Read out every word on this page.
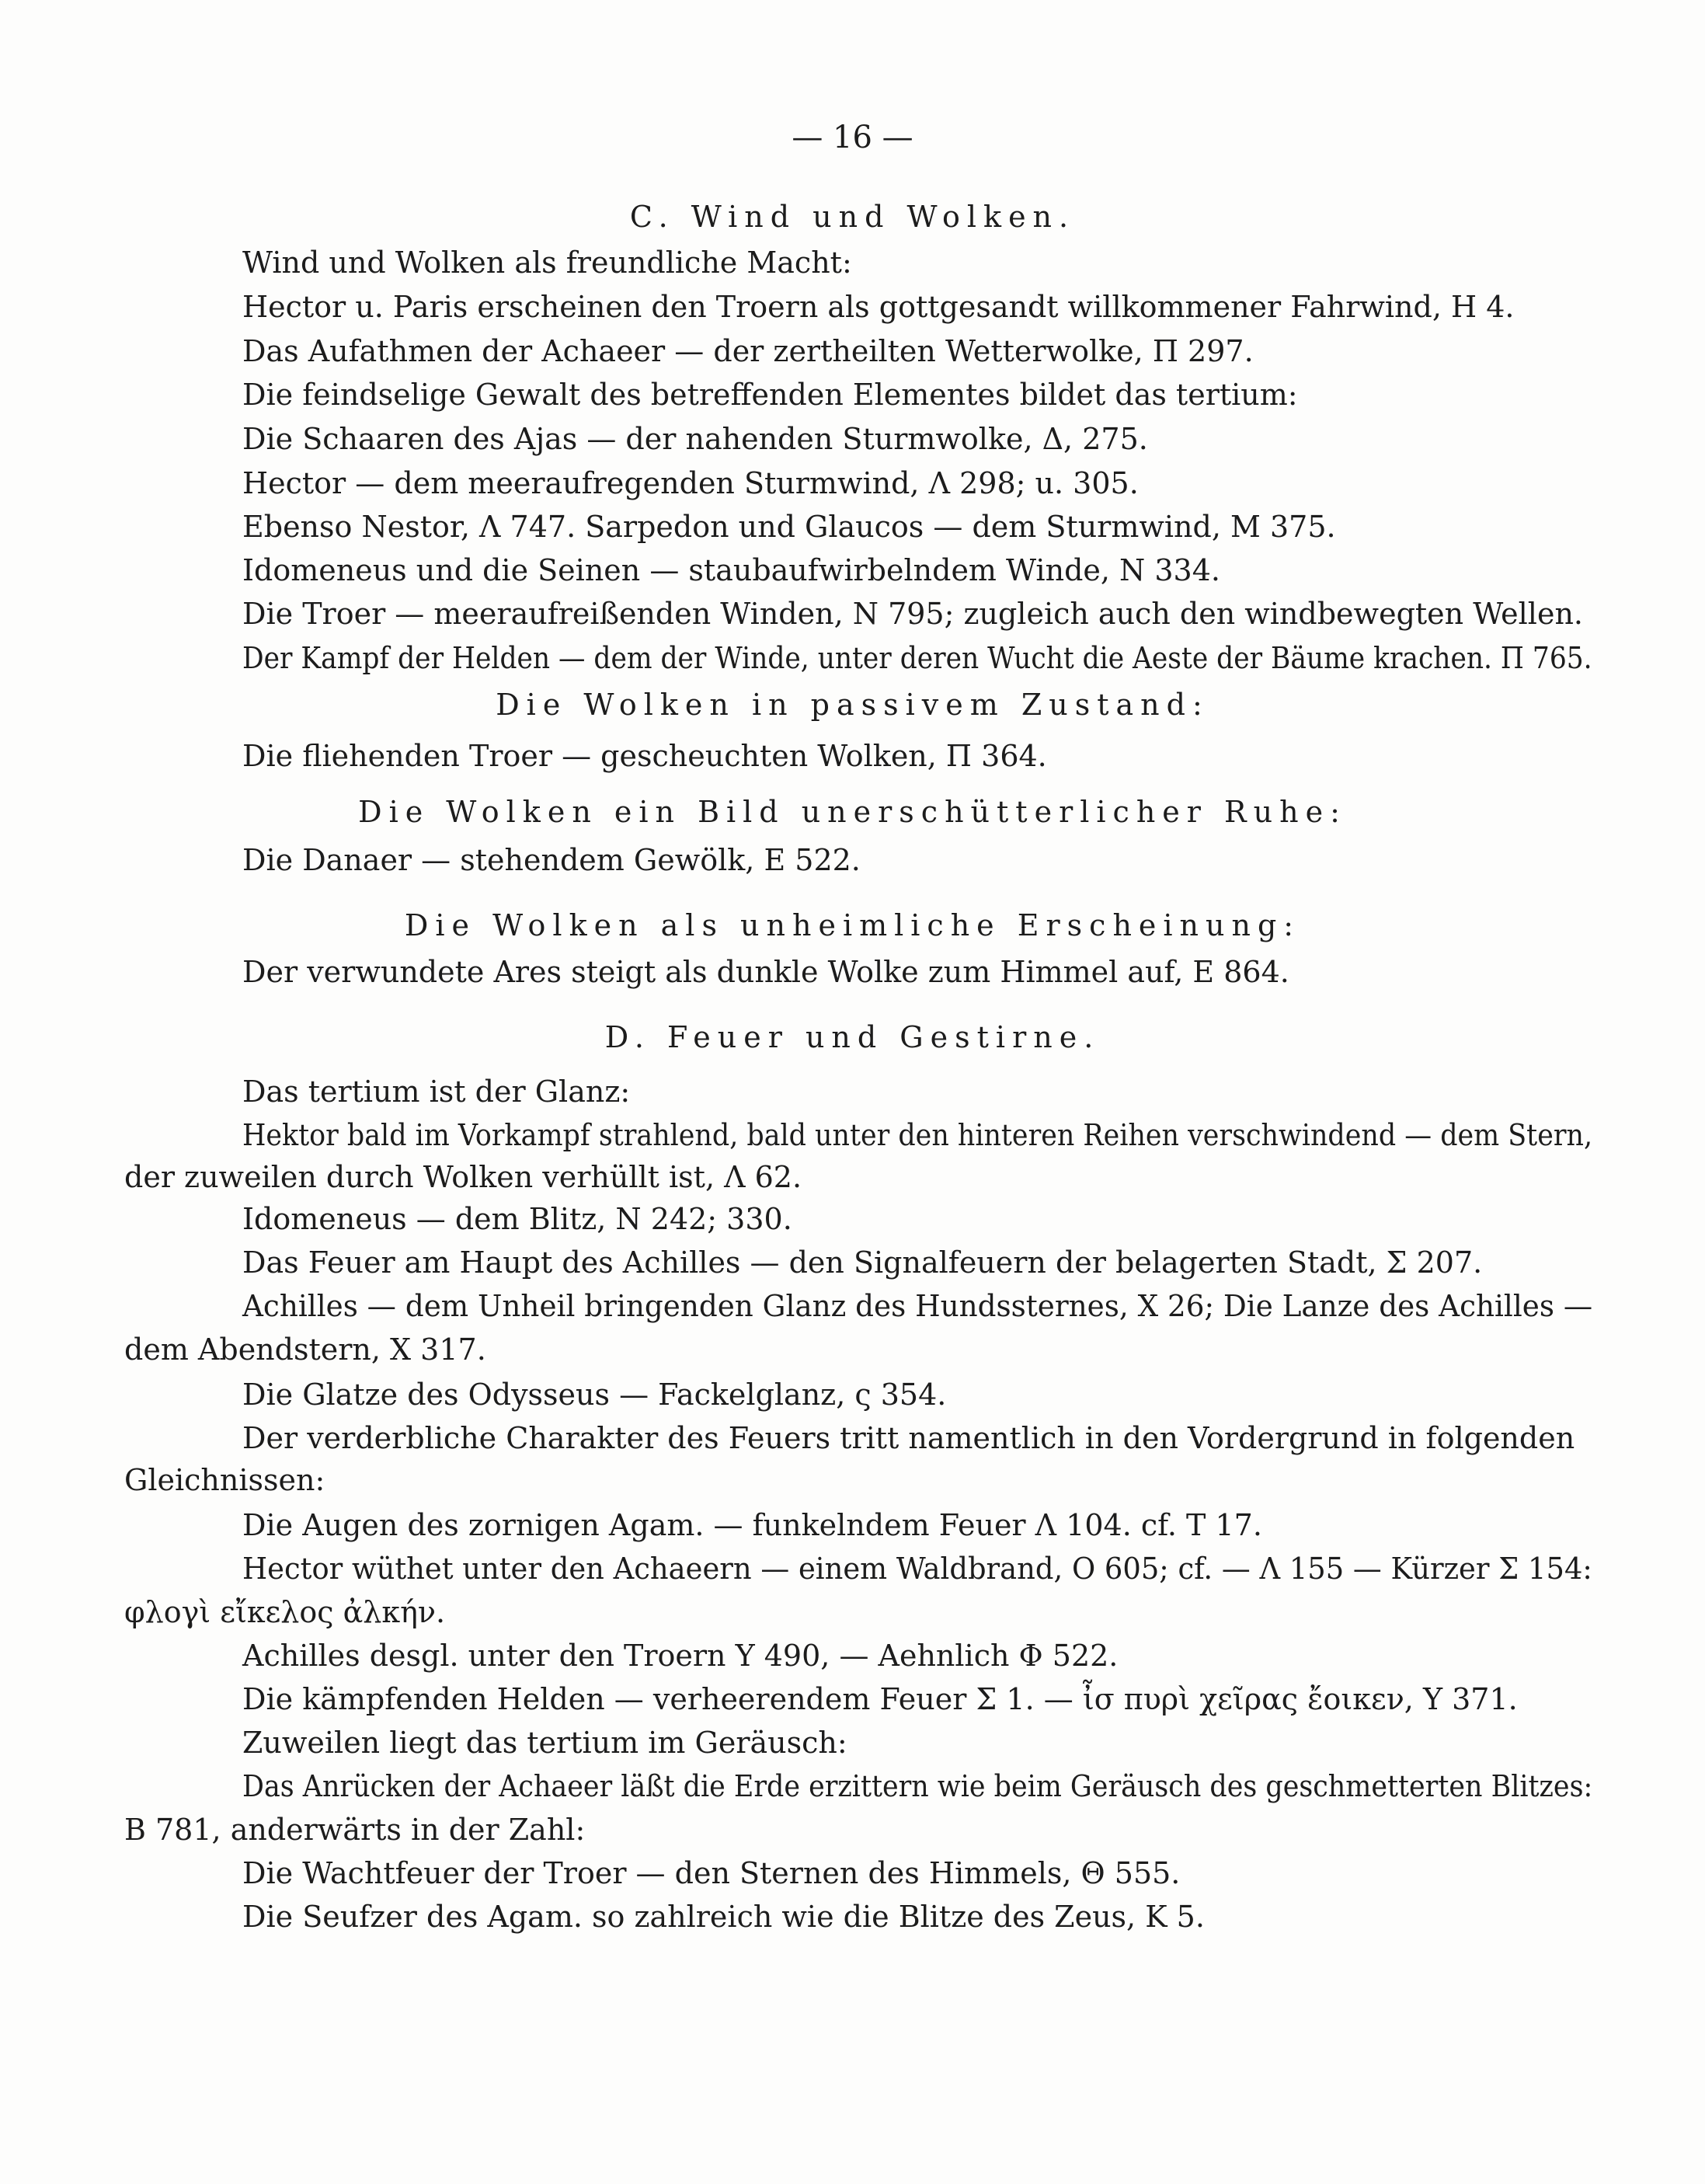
— 16 —
C. Wind und Wolken.
Wind und Wolken als freundliche Macht:
Hector u. Paris erscheinen den Troern als gottgesandt willkommener Fahrwind, H 4.
Das Aufathmen der Achaeer — der zertheilten Wetterwolke, Π 297.
Die feindselige Gewalt des betreffenden Elementes bildet das tertium:
Die Schaaren des Ajas — der nahenden Sturmwolke, Δ, 275.
Hector — dem meeraufregenden Sturmwind, Λ 298; u. 305.
Ebenso Nestor, Λ 747. Sarpedon und Glaucos — dem Sturmwind, M 375.
Idomeneus und die Seinen — staubaufwirbelndem Winde, N 334.
Die Troer — meeraufreißenden Winden, N 795; zugleich auch den windbewegten Wellen.
Der Kampf der Helden — dem der Winde, unter deren Wucht die Aeste der Bäume krachen. Π 765.
Die Wolken in passivem Zustand:
Die fliehenden Troer — gescheuchten Wolken, Π 364.
Die Wolken ein Bild unerschütterlicher Ruhe:
Die Danaer — stehendem Gewölk, E 522.
Die Wolken als unheimliche Erscheinung:
Der verwundete Ares steigt als dunkle Wolke zum Himmel auf, E 864.
D. Feuer und Gestirne.
Das tertium ist der Glanz:
Hektor bald im Vorkampf strahlend, bald unter den hinteren Reihen verschwindend — dem Stern,
der zuweilen durch Wolken verhüllt ist, Λ 62.
Idomeneus — dem Blitz, N 242; 330.
Das Feuer am Haupt des Achilles — den Signalfeuern der belagerten Stadt, Σ 207.
Achilles — dem Unheil bringenden Glanz des Hundssternes, X 26; Die Lanze des Achilles —
dem Abendstern, X 317.
Die Glatze des Odysseus — Fackelglanz, ς 354.
Der verderbliche Charakter des Feuers tritt namentlich in den Vordergrund in folgenden
Gleichnissen:
Die Augen des zornigen Agam. — funkelndem Feuer Λ 104. cf. T 17.
Hector wüthet unter den Achaeern — einem Waldbrand, O 605; cf. — Λ 155 — Kürzer Σ 154:
φλογὶ εἴκελος ἀλκήν.
Achilles desgl. unter den Troern Υ 490, — Aehnlich Φ 522.
Die kämpfenden Helden — verheerendem Feuer Σ 1. — ἶσ πυρὶ χεῖρας ἔοικεν, Υ 371.
Zuweilen liegt das tertium im Geräusch:
Das Anrücken der Achaeer läßt die Erde erzittern wie beim Geräusch des geschmetterten Blitzes:
B 781, anderwärts in der Zahl:
Die Wachtfeuer der Troer — den Sternen des Himmels, Θ 555.
Die Seufzer des Agam. so zahlreich wie die Blitze des Zeus, K 5.
